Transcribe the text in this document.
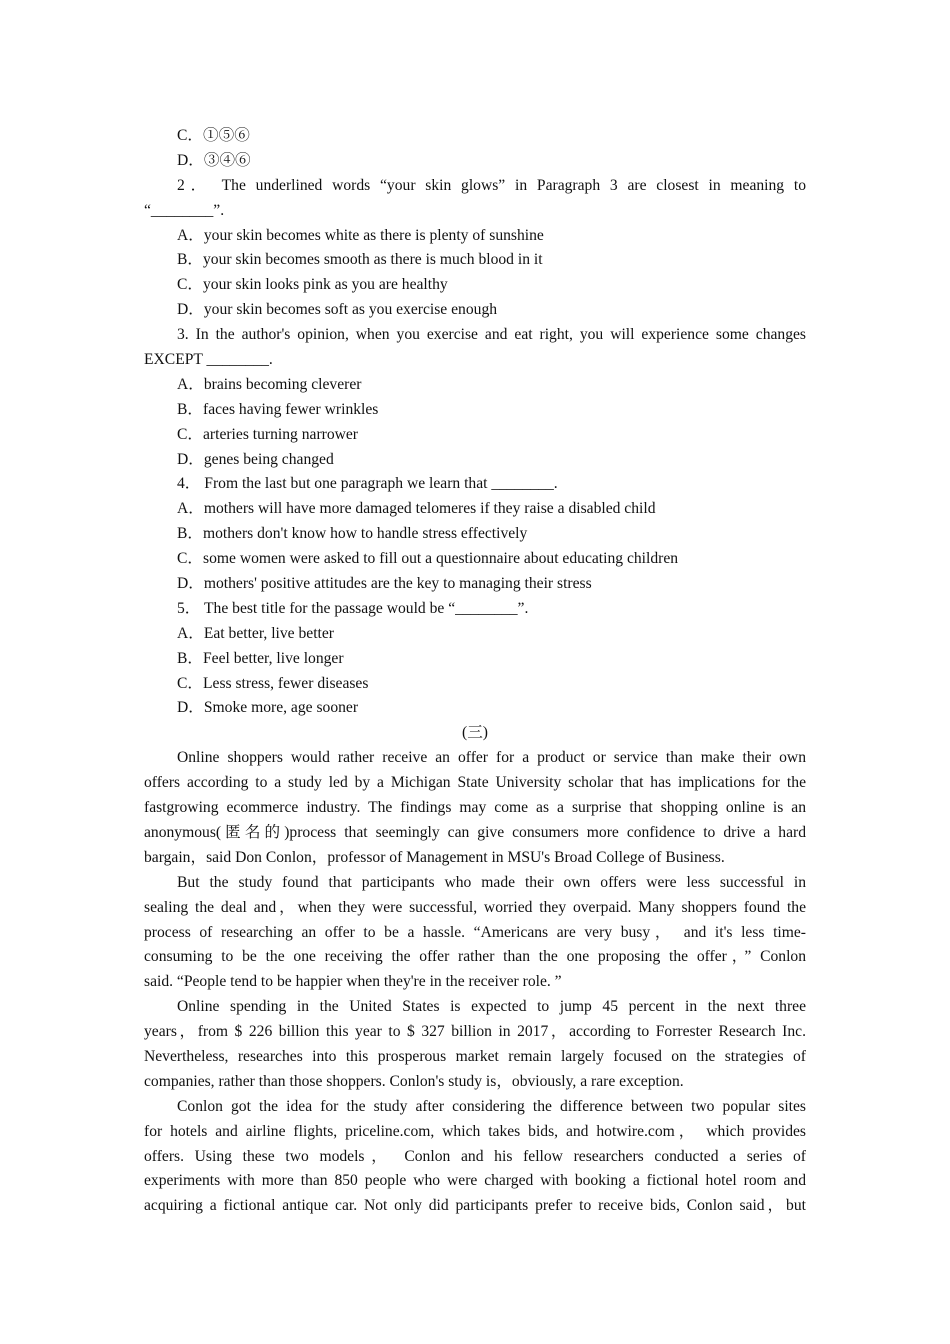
C．①⑤⑥
D．③④⑥
2． The underlined words “your skin glows” in Paragraph 3 are closest in meaning to
“________”.
A．your skin becomes white as there is plenty of sunshine
B．your skin becomes smooth as there is much blood in it
C．your skin looks pink as you are healthy
D．your skin becomes soft as you exercise enough
3. In the author's opinion, when you exercise and eat right, you will experience some changes
EXCEPT ________.
A．brains becoming cleverer
B．faces having fewer wrinkles
C．arteries turning narrower
D．genes being changed
4． From the last but one paragraph we learn that ________.
A．mothers will have more damaged telomeres if they raise a disabled child
B．mothers don't know how to handle stress effectively
C．some women were asked to fill out a questionnaire about educating children
D．mothers' positive attitudes are the key to managing their stress
5． The best title for the passage would be “________”.
A．Eat better, live better
B．Feel better, live longer
C．Less stress, fewer diseases
D．Smoke more, age sooner
(三)
Online shoppers would rather receive an offer for a product or service than make their own
offers according to a study led by a Michigan State University scholar that has implications for the
fastgrowing ecommerce industry. The findings may come as a surprise that shopping online is an
anonymous(匿名的)process that seemingly can give consumers more confidence to drive a hard
bargain，said Don Conlon，professor of Management in MSU's Broad College of Business.
But the study found that participants who made their own offers were less successful in
sealing the deal and，when they were successful, worried they overpaid. Many shoppers found the
process of researching an offer to be a hassle. “Americans are very busy， and it's less time-
consuming to be the one receiving the offer rather than the one proposing the offer，” Conlon
said. “People tend to be happier when they're in the receiver role. ”
Online spending in the United States is expected to jump 45 percent in the next three
years，from $ 226 billion this year to $ 327 billion in 2017，according to Forrester Research Inc.
Nevertheless, researches into this prosperous market remain largely focused on the strategies of
companies, rather than those shoppers. Conlon's study is，obviously, a rare exception.
Conlon got the idea for the study after considering the difference between two popular sites
for hotels and airline flights, priceline.com, which takes bids, and hotwire.com， which provides
offers. Using these two models， Conlon and his fellow researchers conducted a series of
experiments with more than 850 people who were charged with booking a fictional hotel room and
acquiring a fictional antique car. Not only did participants prefer to receive bids, Conlon said，but
